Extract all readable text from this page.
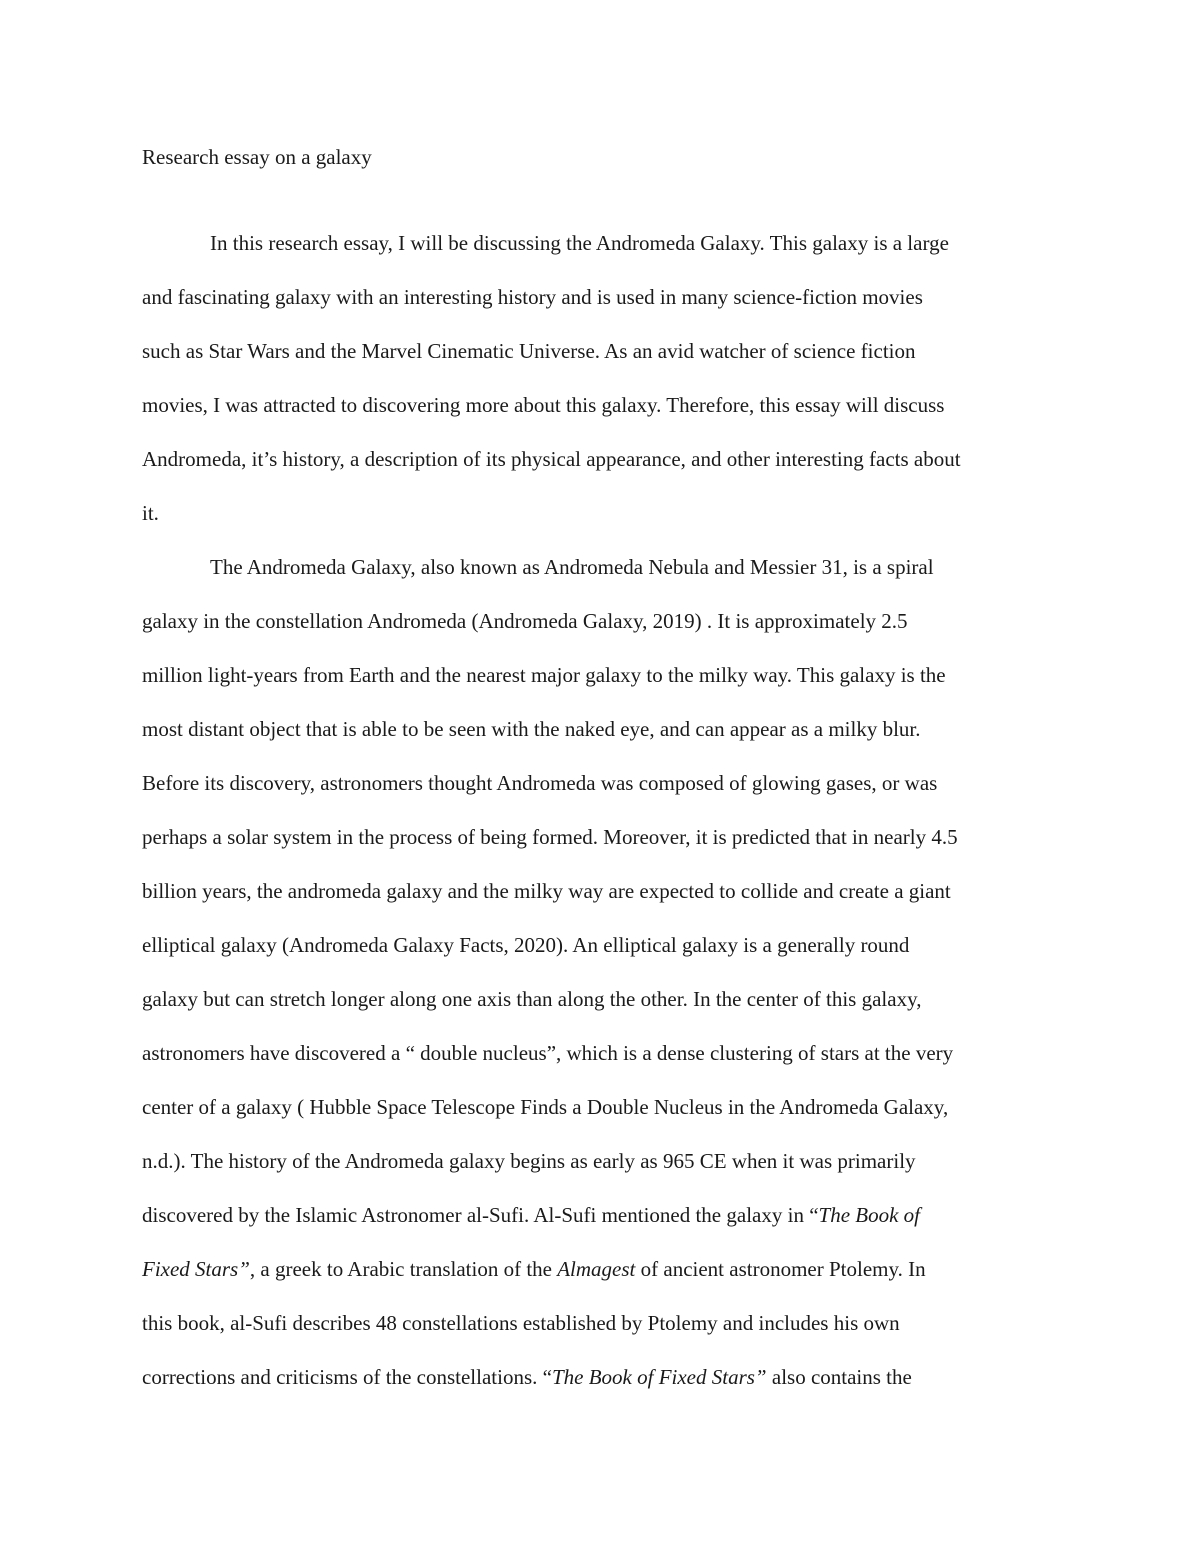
Research essay on a galaxy
In this research essay, I will be discussing the Andromeda Galaxy. This galaxy is a large
and fascinating galaxy with an interesting history and is used in many science-fiction movies
such as Star Wars and the Marvel Cinematic Universe. As an avid watcher of science fiction
movies, I was attracted to discovering more about this galaxy. Therefore, this essay will discuss
Andromeda, it’s history, a description of its physical appearance, and other interesting facts about
it.
The Andromeda Galaxy, also known as Andromeda Nebula and Messier 31, is a spiral
galaxy in the constellation Andromeda (Andromeda Galaxy, 2019) . It is approximately 2.5
million light-years from Earth and the nearest major galaxy to the milky way. This galaxy is the
most distant object that is able to be seen with the naked eye, and can appear as a milky blur.
Before its discovery, astronomers thought Andromeda was composed of glowing gases, or was
perhaps a solar system in the process of being formed. Moreover, it is predicted that in nearly 4.5
billion years, the andromeda galaxy and the milky way are expected to collide and create a giant
elliptical galaxy (Andromeda Galaxy Facts, 2020). An elliptical galaxy is a generally round
galaxy but can stretch longer along one axis than along the other. In the center of this galaxy,
astronomers have discovered a “ double nucleus”, which is a dense clustering of stars at the very
center of a galaxy ( Hubble Space Telescope Finds a Double Nucleus in the Andromeda Galaxy,
n.d.). The history of the Andromeda galaxy begins as early as 965 CE when it was primarily
discovered by the Islamic Astronomer al-Sufi. Al-Sufi mentioned the galaxy in “The Book of
Fixed Stars”, a greek to Arabic translation of the Almagest of ancient astronomer Ptolemy. In
this book, al-Sufi describes 48 constellations established by Ptolemy and includes his own
corrections and criticisms of the constellations. “The Book of Fixed Stars” also contains the
